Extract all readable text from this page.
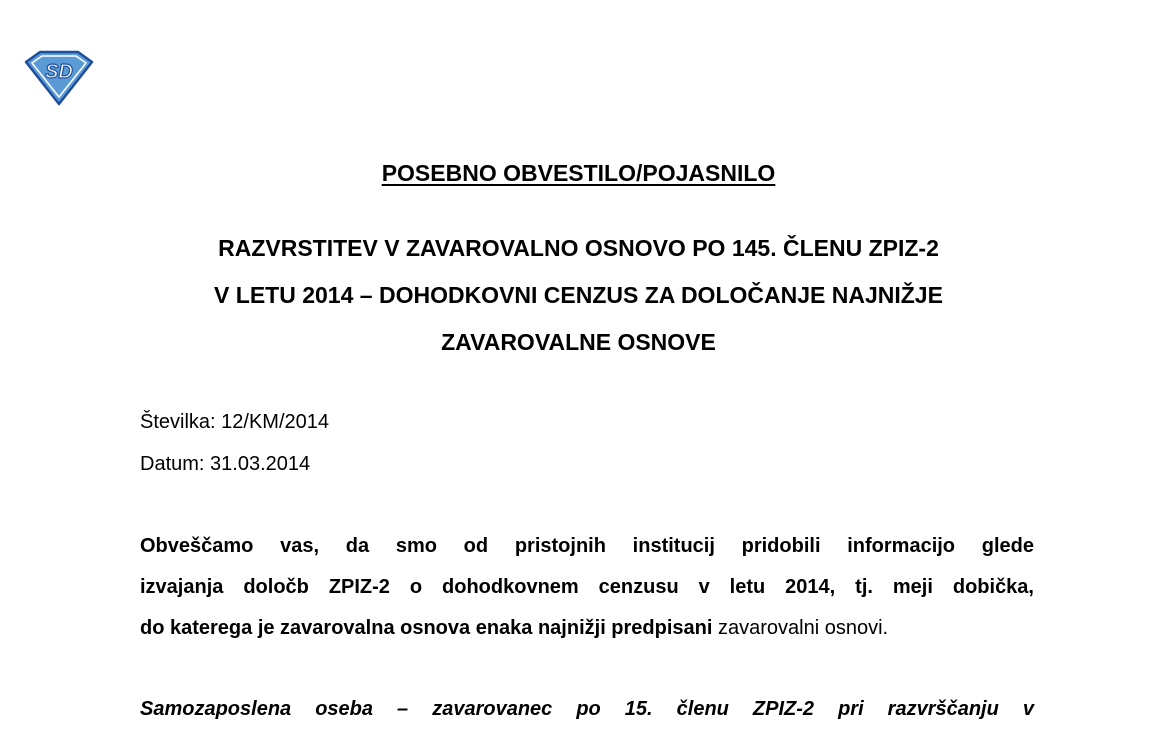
SD
POSEBNO OBVESTILO/POJASNILO
RAZVRSTITEV V ZAVAROVALNO OSNOVO PO 145. ČLENU ZPIZ-2
V LETU 2014 – DOHODKOVNI CENZUS ZA DOLOČANJE NAJNIŽJE
ZAVAROVALNE OSNOVE

Številka: 12/KM/2014

Datum: 31.03.2014

Obveščamo vas, da smo od pristojnih institucij pridobili informacijo glede
izvajanja določb ZPIZ-2 o dohodkovnem cenzusu v letu 2014, tj. meji dobička,
do katerega je zavarovalna osnova enaka najnižji predpisani zavarovalni osnovi.
Samozaposlena oseba – zavarovanec po 15. členu ZPIZ-2 pri razvrščanju v
